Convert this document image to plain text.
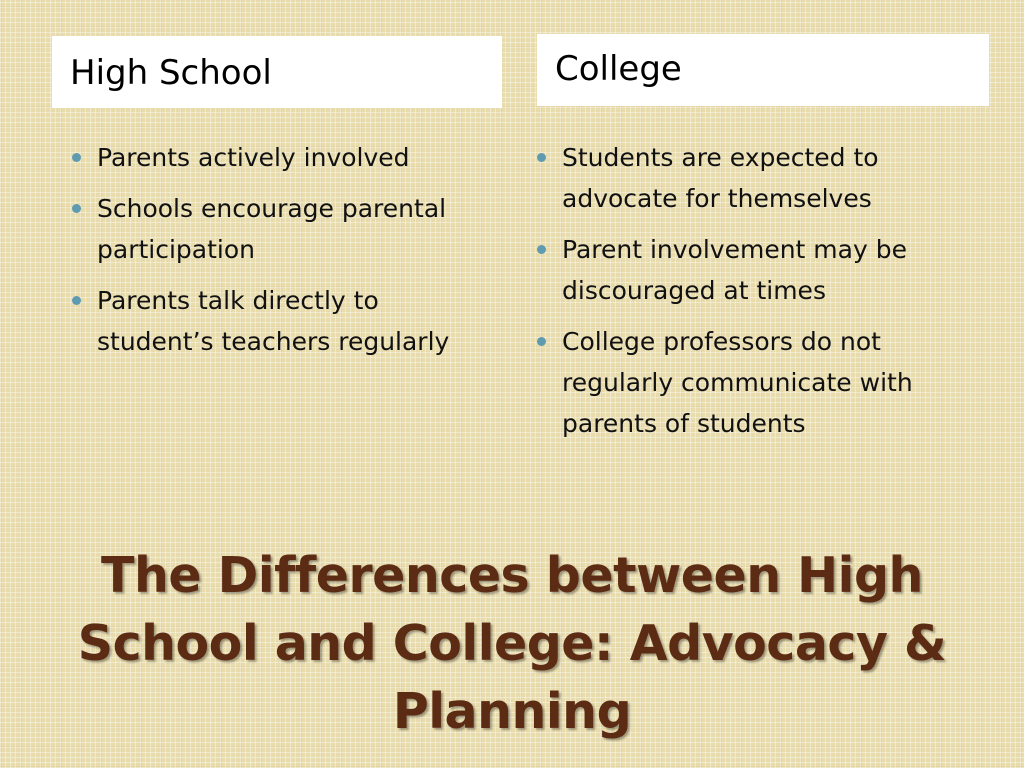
High School	College
Parents actively involved
Schools encourage parental participation
Parents talk directly to student’s teachers regularly
Students are expected to advocate for themselves
Parent involvement may be discouraged at times
College professors do not regularly communicate with parents of students
The Differences between High School and College: Advocacy & Planning
